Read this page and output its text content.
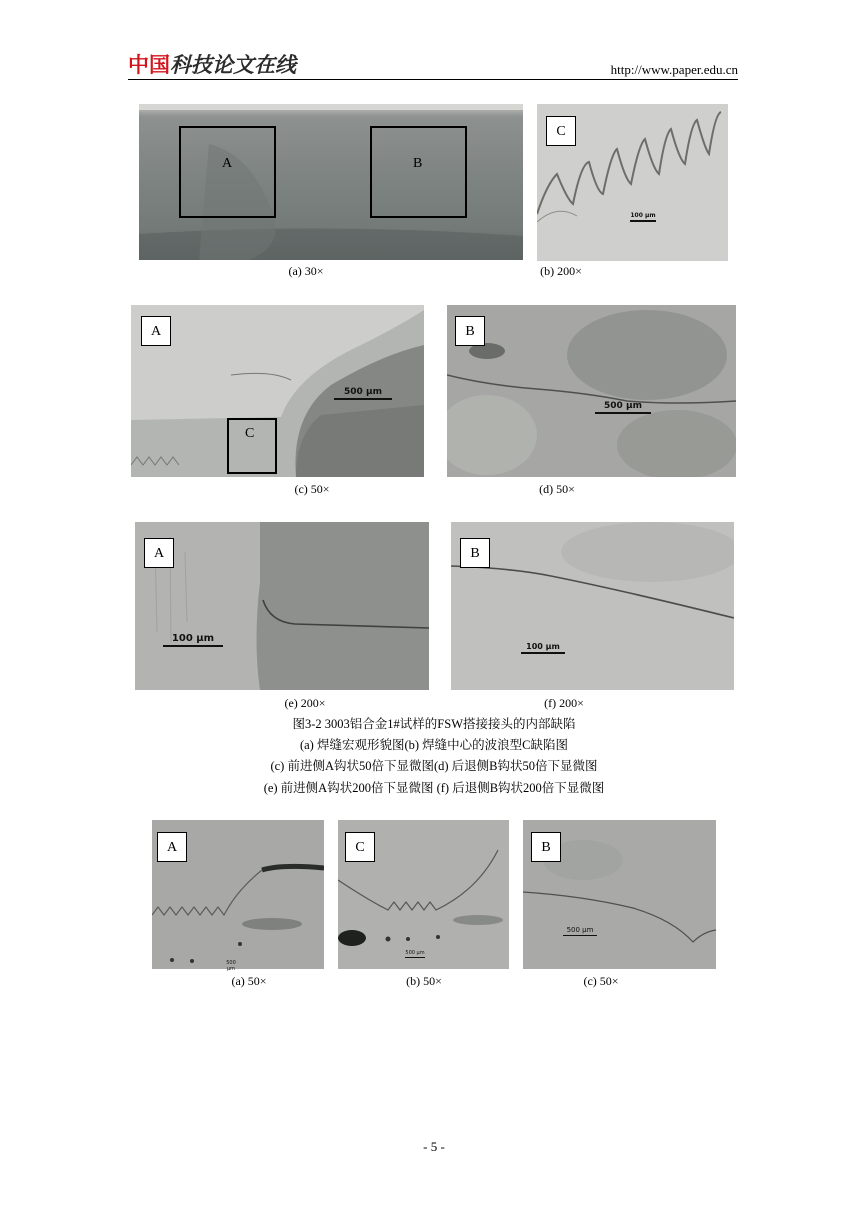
中国科技论文在线	http://www.paper.edu.cn
A	B
C
100 μm
(a) 30×	(b) 200×
A
C
500 μm
B
500 μm
(c) 50×	(d) 50×
A
100 μm
B
100 μm
(e) 200×	(f) 200×
图3-2 3003铝合金1#试样的FSW搭接接头的内部缺陷
(a) 焊缝宏观形貌图(b) 焊缝中心的波浪型C缺陷图
(c) 前进侧A钩状50倍下显微图(d) 后退侧B钩状50倍下显微图
(e) 前进侧A钩状200倍下显微图 (f) 后退侧B钩状200倍下显微图
A
500 μm
C
500 μm
B
500 μm
(a) 50×	(b) 50×	(c) 50×
- 5 -
